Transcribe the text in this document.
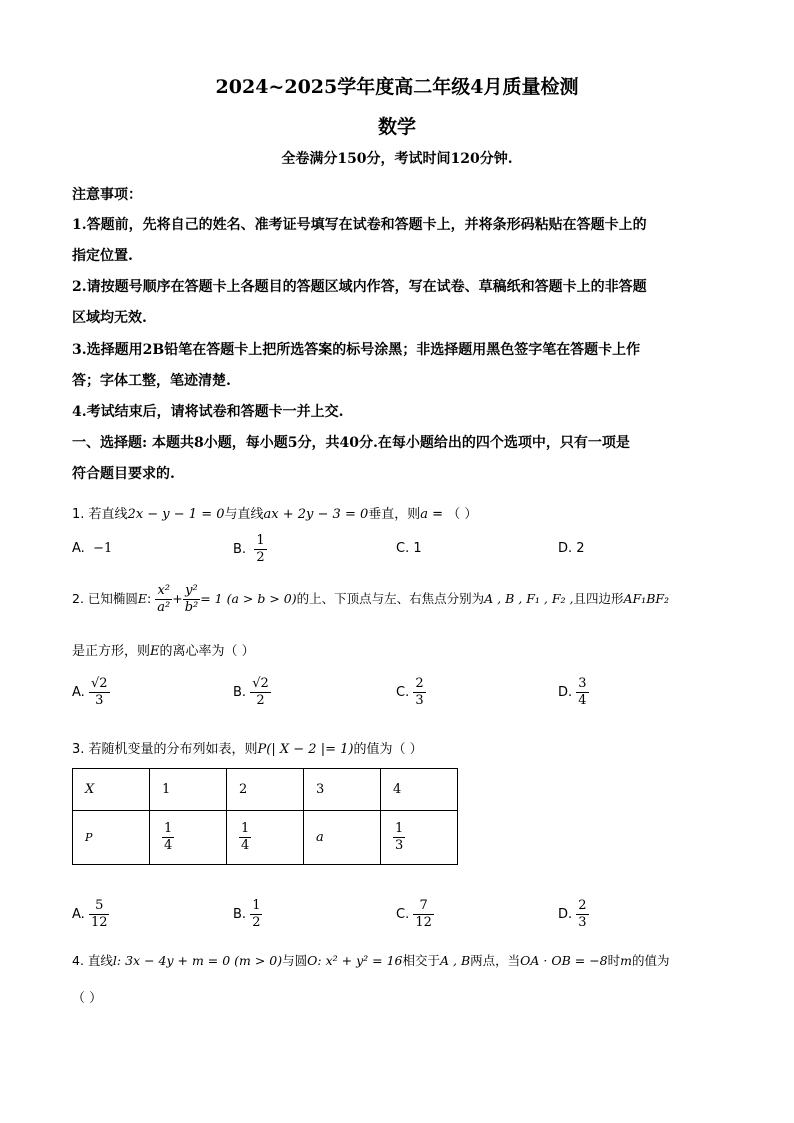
2024~2025学年度高二年级4月质量检测
数学
全卷满分150分，考试时间120分钟.
注意事项：
1.答题前，先将自己的姓名、准考证号填写在试卷和答题卡上，并将条形码粘贴在答题卡上的
指定位置.
2.请按题号顺序在答题卡上各题目的答题区域内作答，写在试卷、草稿纸和答题卡上的非答题
区域均无效.
3.选择题用2B铅笔在答题卡上把所选答案的标号涂黑；非选择题用黑色签字笔在答题卡上作
答；字体工整，笔迹清楚.
4.考试结束后，请将试卷和答题卡一并上交.
一、选择题: 本题共8小题，每小题5分，共40分.在每小题给出的四个选项中，只有一项是
符合题目要求的.
1. 若直线2x − y − 1 = 0与直线ax + 2y − 3 = 0垂直，则a = （ ）
A. −1	B. $\frac{1}{2}$	C. 1	D. 2
2. 已知椭圆E: $\frac{\text{x²}}{\text{a²}} + \frac{\text{y²}}{\text{b²}} = 1$ (a > b > 0)的上、下顶点与左、右焦点分别为A , B , F₁ , F₂ ,且四边形AF₁BF₂
是正方形，则E的离心率为（ ）
A. $\frac{√2}{3}$	B. $\frac{√2}{2}$	C. $\frac{2}{3}$	D. $\frac{3}{4}$
3. 若随机变量的分布列如表，则P(| X − 2 |= 1)的值为（ ）
X	1	2	3	4
P	$\frac{1}{4}$	$\frac{1}{4}$	a	$\frac{1}{3}$
A. $\frac{5}{12}$	B. $\frac{1}{2}$	C. $\frac{7}{12}$	D. $\frac{2}{3}$
4. 直线l: 3x − 4y + m = 0 (m > 0)与圆O: x² + y² = 16相交于A , B两点，当OA · OB = −8时m的值为
（ ）
